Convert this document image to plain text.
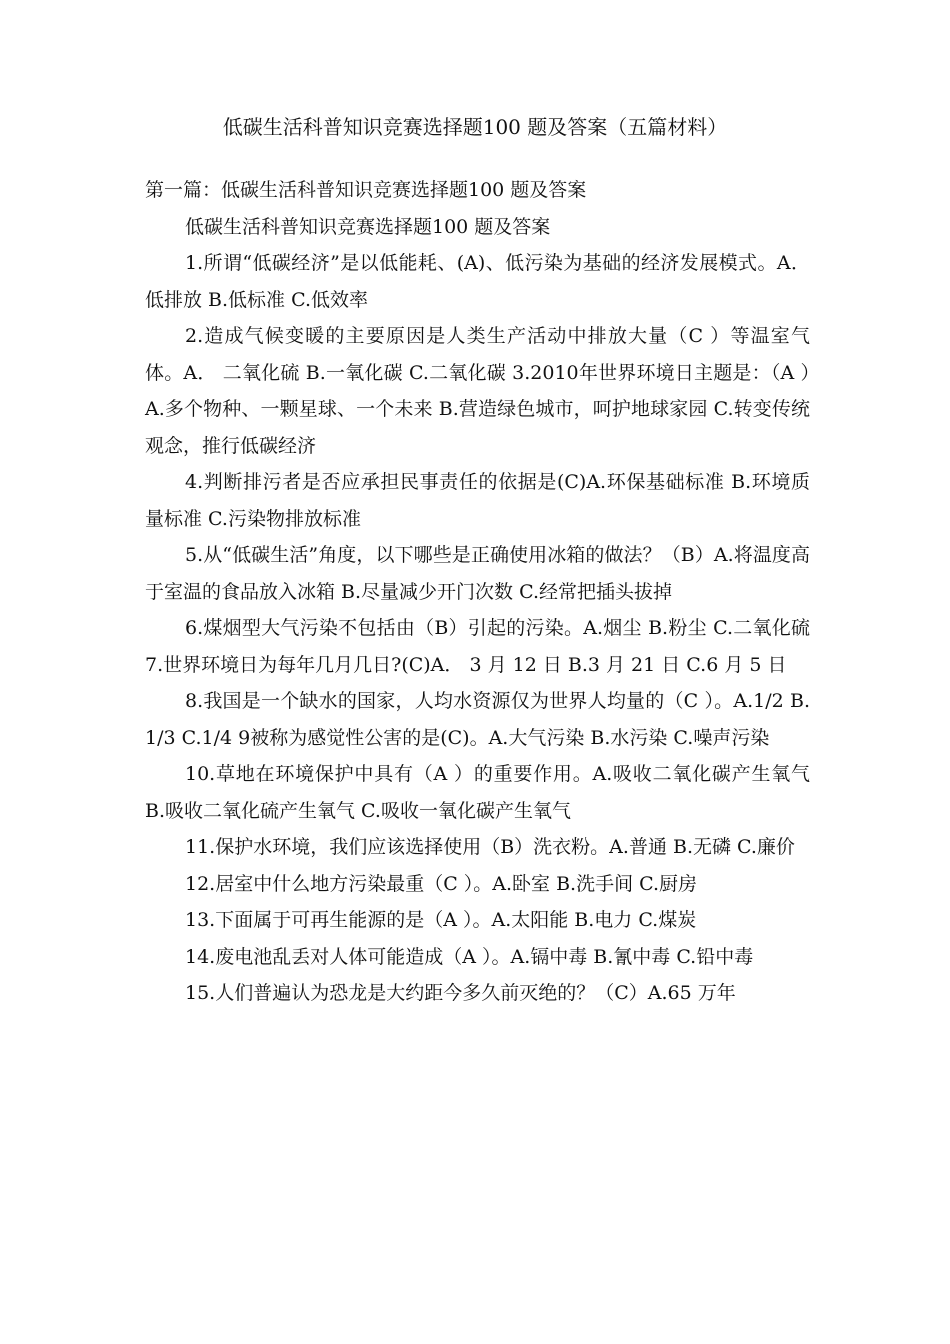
低碳生活科普知识竞赛选择题100 题及答案（五篇材料）

第一篇：低碳生活科普知识竞赛选择题100 题及答案

低碳生活科普知识竞赛选择题100 题及答案

1.所谓“低碳经济”是以低能耗、(A)、低污染为基础的经济发展模式。A．低排放 B.低标准 C.低效率

2.造成气候变暖的主要原因是人类生产活动中排放大量（C ）等温室气体。A． 二氧化硫 B.一氧化碳 C.二氧化碳 3.2010年世界环境日主题是：（A ）A.多个物种、一颗星球、一个未来 B.营造绿色城市，呵护地球家园 C.转变传统观念，推行低碳经济

4.判断排污者是否应承担民事责任的依据是(C)A.环保基础标准 B.环境质量标准 C.污染物排放标准

5.从“低碳生活”角度，以下哪些是正确使用冰箱的做法？（B）A.将温度高于室温的食品放入冰箱 B.尽量减少开门次数 C.经常把插头拔掉

6.煤烟型大气污染不包括由（B）引起的污染。A.烟尘 B.粉尘 C.二氧化硫 7.世界环境日为每年几月几日?(C)A． 3 月 12 日 B.3 月 21 日 C.6 月 5 日

8.我国是一个缺水的国家，人均水资源仅为世界人均量的（C ）。A.1/2 B.1/3 C.1/4 9被称为感觉性公害的是(C)。A.大气污染 B.水污染 C.噪声污染

10.草地在环境保护中具有（A ）的重要作用。A.吸收二氧化碳产生氧气 B.吸收二氧化硫产生氧气 C.吸收一氧化碳产生氧气

11.保护水环境，我们应该选择使用（B）洗衣粉。A.普通 B.无磷 C.廉价

12.居室中什么地方污染最重（C ）。A.卧室 B.洗手间 C.厨房

13.下面属于可再生能源的是（A ）。A.太阳能 B.电力 C.煤炭

14.废电池乱丢对人体可能造成（A ）。A.镉中毒 B.氰中毒 C.铅中毒

15.人们普遍认为恐龙是大约距今多久前灭绝的？（C）A.65 万年
